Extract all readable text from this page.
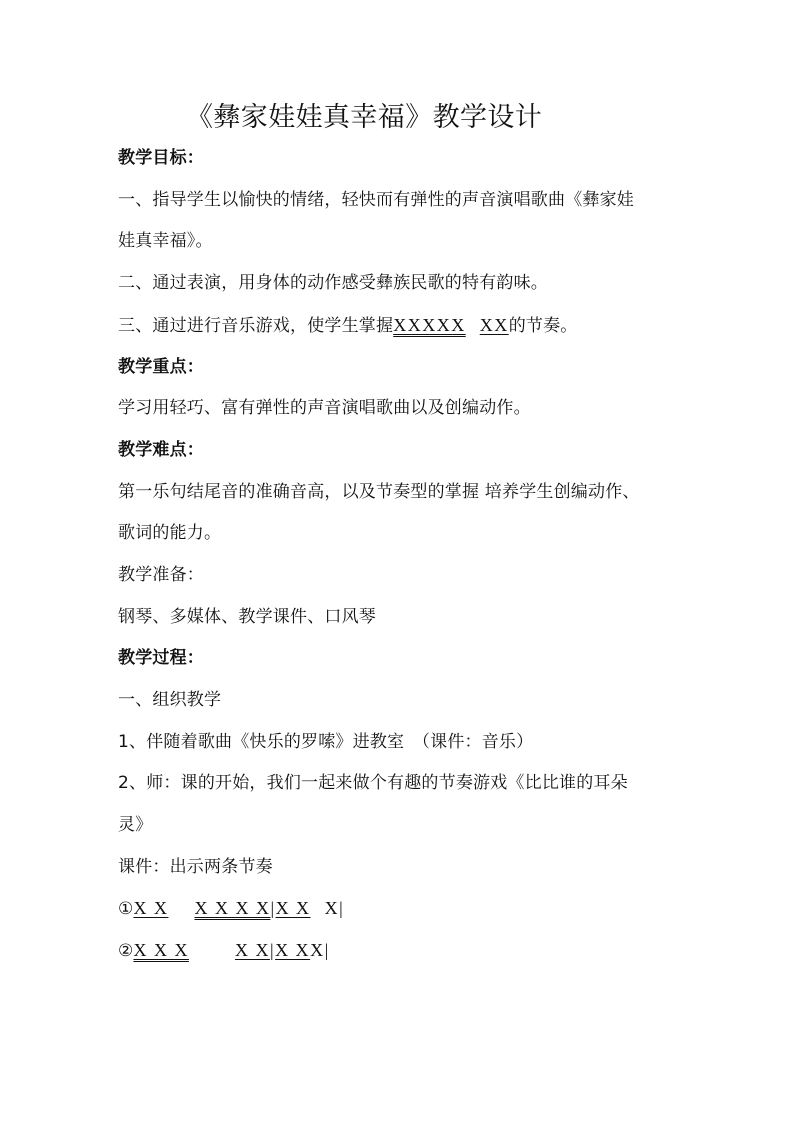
《彝家娃娃真幸福》教学设计
教学目标：
一、指导学生以愉快的情绪，轻快而有弹性的声音演唱歌曲《彝家娃
娃真幸福》。
二、通过表演，用身体的动作感受彝族民歌的特有韵味。
三、通过进行音乐游戏，使学生掌握XXXXX XX的节奏。
教学重点：
学习用轻巧、富有弹性的声音演唱歌曲以及创编动作。
教学难点：
第一乐句结尾音的准确音高，以及节奏型的掌握 培养学生创编动作、
歌词的能力。
教学准备：
钢琴、多媒体、教学课件、口风琴
教学过程：
一、组织教学
1、伴随着歌曲《快乐的罗嗦》进教室　（课件：音乐）
2、师：课的开始，我们一起来做个有趣的节奏游戏《比比谁的耳朵
灵》
课件：出示两条节奏
①X X X X X X|X X X|
②X X X	X X|X XX|
